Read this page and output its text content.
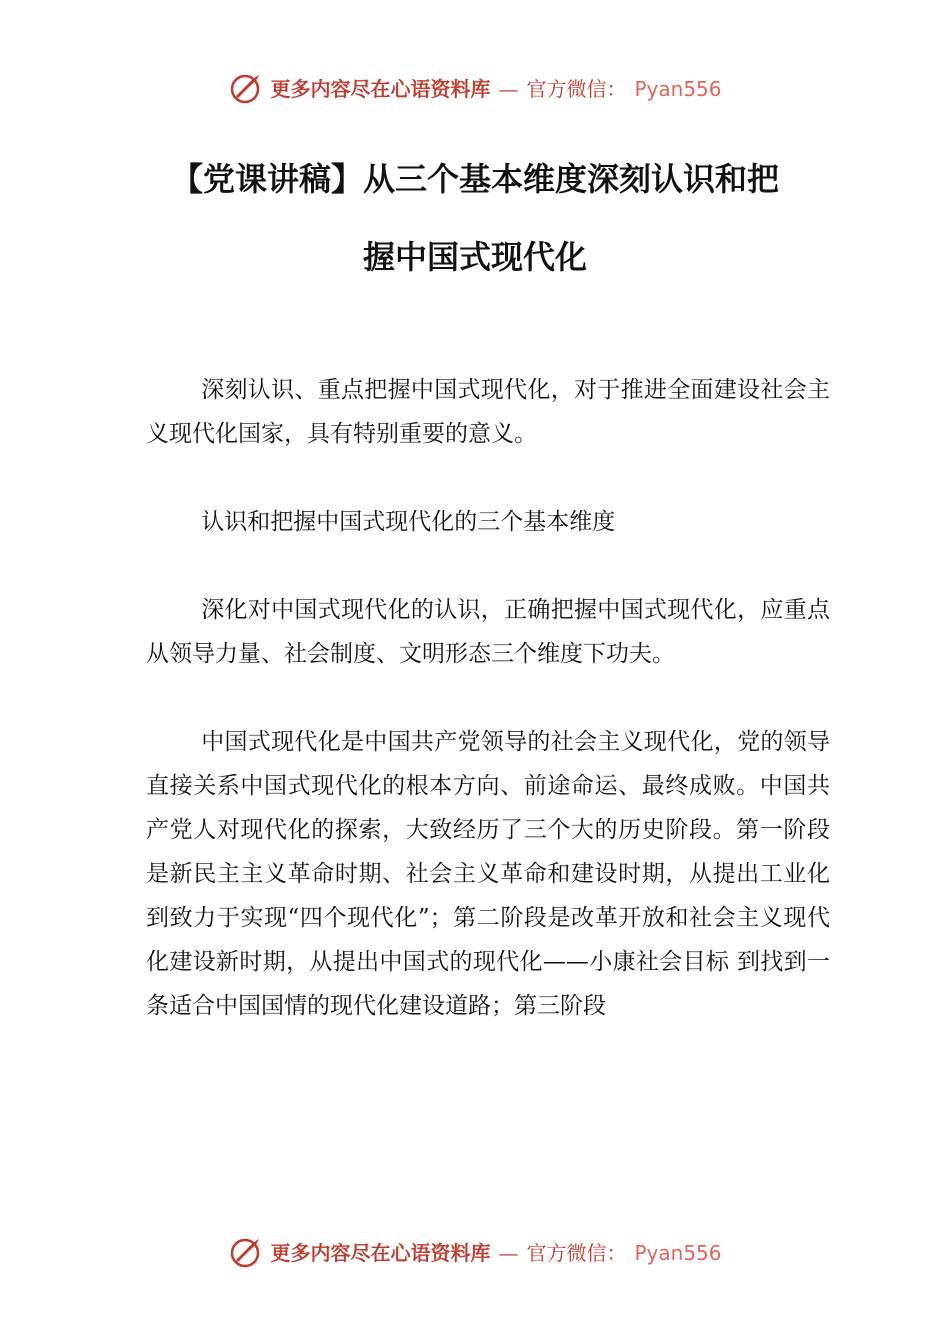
更多内容尽在心语资料库 — 官方微信： Pyan556
【党课讲稿】从三个基本维度深刻认识和把
握中国式现代化

深刻认识、重点把握中国式现代化，对于推进全面建设社会主义现代化国家，具有特别重要的意义。

认识和把握中国式现代化的三个基本维度

深化对中国式现代化的认识，正确把握中国式现代化，应重点从领导力量、社会制度、文明形态三个维度下功夫。

中国式现代化是中国共产党领导的社会主义现代化，党的领导直接关系中国式现代化的根本方向、前途命运、最终成败。中国共产党人对现代化的探索，大致经历了三个大的历史阶段。第一阶段是新民主主义革命时期、社会主义革命和建设时期，从提出工业化到致力于实现“四个现代化”；第二阶段是改革开放和社会主义现代化建设新时期，从提出中国式的现代化——小康社会目标 到找到一条适合中国国情的现代化建设道路；第三阶段

更多内容尽在心语资料库 — 官方微信： Pyan556
